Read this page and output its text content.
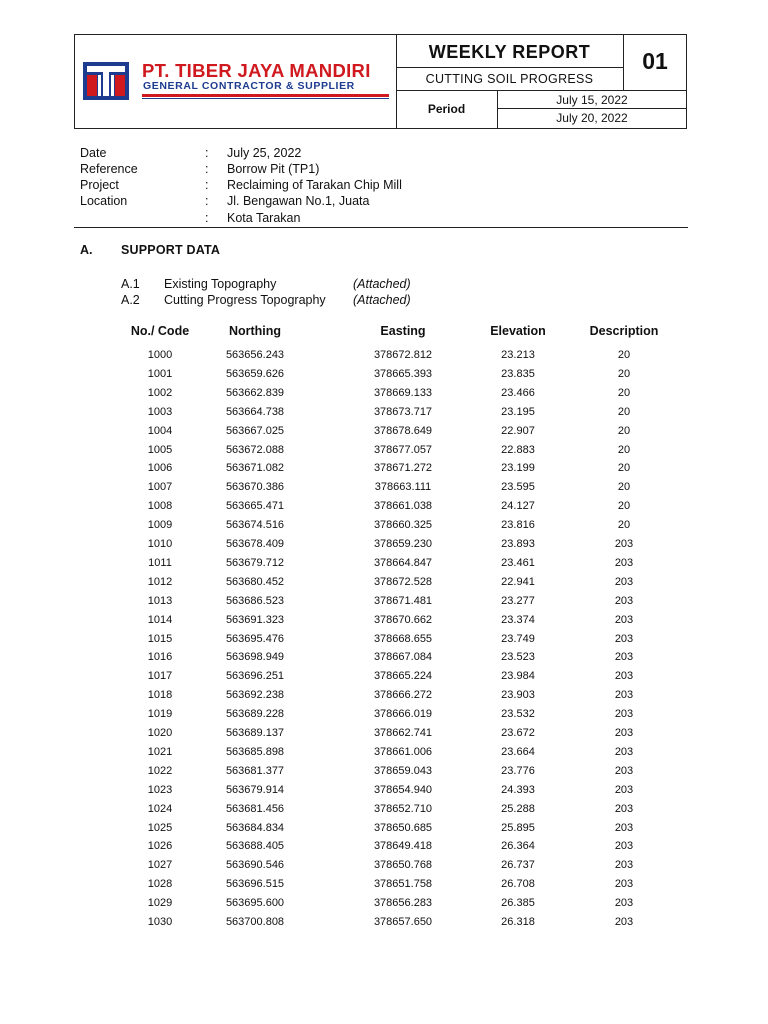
PT. TIBER JAYA MANDIRI
GENERAL CONTRACTOR & SUPPLIER
WEEKLY REPORT
CUTTING SOIL PROGRESS
01
Period
July 15, 2022
July 20, 2022
Date	: July 25, 2022
Reference	: Borrow Pit (TP1)
Project	: Reclaiming of Tarakan Chip Mill
Location	: Jl. Bengawan No.1, Juata
: Kota Tarakan
A. SUPPORT DATA
A.1 Existing Topography	(Attached)
A.2 Cutting Progress Topography (Attached)
No./ Code	Northing	Easting	Elevation	Description
1000	563656.243	378672.812	23.213	20
1001	563659.626	378665.393	23.835	20
1002	563662.839	378669.133	23.466	20
1003	563664.738	378673.717	23.195	20
1004	563667.025	378678.649	22.907	20
1005	563672.088	378677.057	22.883	20
1006	563671.082	378671.272	23.199	20
1007	563670.386	378663.111	23.595	20
1008	563665.471	378661.038	24.127	20
1009	563674.516	378660.325	23.816	20
1010	563678.409	378659.230	23.893	203
1011	563679.712	378664.847	23.461	203
1012	563680.452	378672.528	22.941	203
1013	563686.523	378671.481	23.277	203
1014	563691.323	378670.662	23.374	203
1015	563695.476	378668.655	23.749	203
1016	563698.949	378667.084	23.523	203
1017	563696.251	378665.224	23.984	203
1018	563692.238	378666.272	23.903	203
1019	563689.228	378666.019	23.532	203
1020	563689.137	378662.741	23.672	203
1021	563685.898	378661.006	23.664	203
1022	563681.377	378659.043	23.776	203
1023	563679.914	378654.940	24.393	203
1024	563681.456	378652.710	25.288	203
1025	563684.834	378650.685	25.895	203
1026	563688.405	378649.418	26.364	203
1027	563690.546	378650.768	26.737	203
1028	563696.515	378651.758	26.708	203
1029	563695.600	378656.283	26.385	203
1030	563700.808	378657.650	26.318	203
